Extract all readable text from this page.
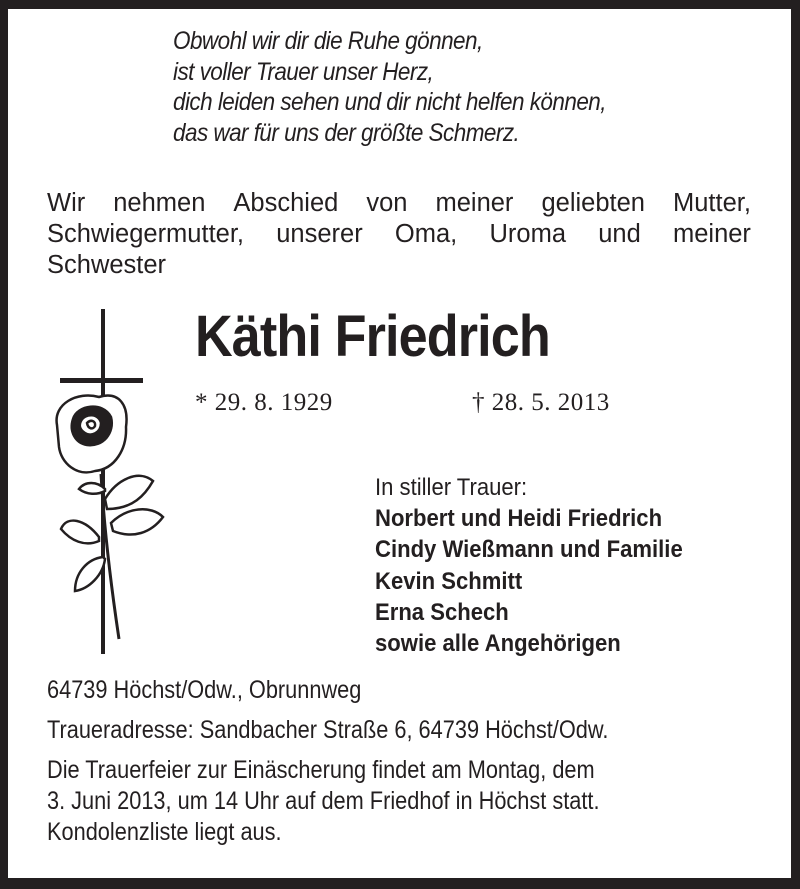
Obwohl wir dir die Ruhe gönnen,
ist voller Trauer unser Herz,
dich leiden sehen und dir nicht helfen können,
das war für uns der größte Schmerz.
Wir nehmen Abschied von meiner geliebten Mutter,
Schwiegermutter, unserer Oma, Uroma und meiner
Schwester
Käthi Friedrich
* 29. 8. 1929	† 28. 5. 2013
In stiller Trauer:
Norbert und Heidi Friedrich
Cindy Wießmann und Familie
Kevin Schmitt
Erna Schech
sowie alle Angehörigen
64739 Höchst/Odw., Obrunnweg
Traueradresse: Sandbacher Straße 6, 64739 Höchst/Odw.
Die Trauerfeier zur Einäscherung findet am Montag, dem
3. Juni 2013, um 14 Uhr auf dem Friedhof in Höchst statt.
Kondolenzliste liegt aus.
